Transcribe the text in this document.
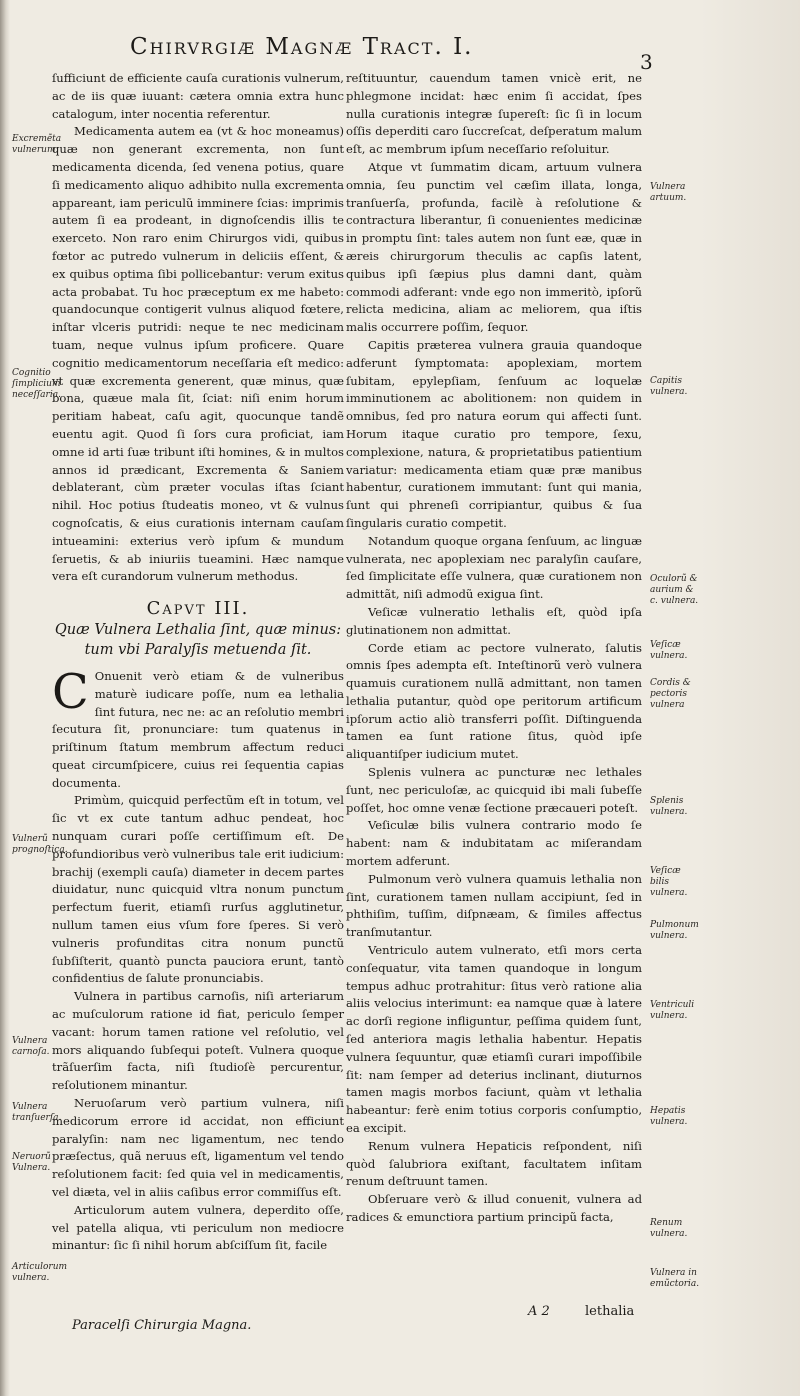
Chirvrgiæ Magnæ Tract. I.
3

ſufficiunt de efficiente cauſa curationis vulnerum, ac de iis quæ iuuant: cætera omnia extra hunc catalogum, inter nocentia referentur.

Medicamenta autem ea (vt & hoc moneamus) quæ non generant excrementa, non ſunt medicamenta dicenda, ſed venena potius, quare ſi medicamento aliquo adhibito nulla excrementa appareant, iam periculũ imminere ſcias: imprimis autem ſi ea prodeant, in dignoſcendis illis te exerceto. Non raro enim Chirurgos vidi, quibus fœtor ac putredo vulnerum in deliciis eſſent, & ex quibus optima ſibi pollicebantur: verum exitus acta probabat. Tu hoc præceptum ex me habeto: quandocunque contigerit vulnus aliquod fœtere, inſtar vlceris putridi: neque te nec medicinam tuam, neque vulnus ipſum proficere. Quare cognitio medicamentorum neceſſaria eſt medico: vt quæ excrementa generent, quæ minus, quæ bona, quæue mala ſit, ſciat: niſi enim horum peritiam habeat, caſu agit, quocunque tandẽ euentu agit. Quod ſi ſors cura proficiat, iam omne id arti ſuæ tribunt iſti homines, & in multos annos id prædicant, Excrementa & Saniem deblaterant, cùm præter voculas iſtas ſciant nihil. Hoc potius ſtudeatis moneo, vt & vulnus cognoſcatis, & eius curationis internam cauſam intueamini: exterius verò ipſum & mundum ſeruetis, & ab iniuriis tueamini. Hæc namque vera eſt curandorum vulnerum methodus.

Capvt III.
Quæ Vulnera Lethalia ſint, quæ minus: tum vbi Paralyſis metuenda ſit.

C Onuenit verò etiam & de vulneribus maturè iudicare poſſe, num ea lethalia ſint futura, nec ne: ac an reſolutio membri ſecutura ſit, pronunciare: tum quatenus in priſtinum ſtatum membrum affectum reduci queat circumſpicere, cuius rei ſequentia capias documenta.

Primùm, quicquid perfectũm eſt in totum, vel ſic vt ex cute tantum adhuc pendeat, hoc nunquam curari poſſe certiſſimum eſt. De profundioribus verò vulneribus tale erit iudicium: brachij (exempli cauſa) diameter in decem partes diuidatur, nunc quicquid vltra nonum punctum perfectum fuerit, etiamſi rurſus agglutinetur, nullum tamen eius vſum fore ſperes. Si verò vulneris profunditas citra nonum punctũ ſubſiſterit, quantò puncta pauciora erunt, tantò confidentius de ſalute pronunciabis.

Vulnera in partibus carnoſis, niſi arteriarum ac muſculorum ratione id fiat, periculo ſemper vacant: horum tamen ratione vel reſolutio, vel mors aliquando ſubſequi poteſt. Vulnera quoque trãſuerſim facta, niſi ſtudioſè percurentur, reſolutionem minantur.

Neruoſarum verò partium vulnera, niſi medicorum errore id accidat, non efficiunt paralyſin: nam nec ligamentum, nec tendo præſectus, quã neruus eſt, ligamentum vel tendo reſolutionem facit: ſed quia vel in medicamentis, vel diæta, vel in aliis caſibus error commiſſus eſt.

Articulorum autem vulnera, deperdito oſſe, vel patella aliqua, vti periculum non mediocre minantur: ſic ſi nihil horum abſciſſum ſit, facile

reſtituuntur, cauendum tamen vnicè erit, ne phlegmone incidat: hæc enim ſi accidat, ſpes nulla curationis integræ ſupereſt: ſic ſi in locum oſſis deperditi caro ſuccreſcat, deſperatum malum eſt, ac membrum ipſum neceſſario reſoluitur.

Atque vt ſummatim dicam, artuum vulnera omnia, ſeu punctim vel cæſim illata, longa, tranſuerſa, profunda, facilè à reſolutione & contractura liberantur, ſi conuenientes medicinæ in promptu ſint: tales autem non ſunt eæ, quæ in æreis chirurgorum theculis ac capſis latent, quibus ipſi ſæpius plus damni dant, quàm commodi adferant: vnde ego non immeritò, ipſorũ relicta medicina, aliam ac meliorem, qua iſtis malis occurrere poſſim, ſequor.

Capitis præterea vulnera grauia quandoque adferunt ſymptomata: apoplexiam, mortem ſubitam, epylepſiam, ſenſuum ac loquelæ imminutionem ac abolitionem: non quidem in omnibus, ſed pro natura eorum qui affecti ſunt. Horum itaque curatio pro tempore, ſexu, complexione, natura, & proprietatibus patientium variatur: medicamenta etiam quæ præ manibus habentur, curationem immutant: ſunt qui mania, ſunt qui phreneſi corripiantur, quibus & ſua ſingularis curatio competit.

Notandum quoque organa ſenſuum, ac linguæ vulnerata, nec apoplexiam nec paralyſin cauſare, ſed ſimplicitate eſſe vulnera, quæ curationem non admittãt, niſi admodũ exigua ſint.

Veſicæ vulneratio lethalis eſt, quòd ipſa glutinationem non admittat.

Corde etiam ac pectore vulnerato, ſalutis omnis ſpes adempta eſt. Inteſtinorũ verò vulnera quamuis curationem nullã admittant, non tamen lethalia putantur, quòd ope peritorum artificum ipſorum actio aliò transferri poſſit. Diſtinguenda tamen ea ſunt ratione ſitus, quòd ipſe aliquantiſper iudicium mutet.

Splenis vulnera ac puncturæ nec lethales ſunt, nec periculoſæ, ac quicquid ibi mali ſubeſſe poſſet, hoc omne venæ ſectione præcaueri poteſt.

Veſiculæ bilis vulnera contrario modo ſe habent: nam & indubitatam ac miſerandam mortem adferunt.

Pulmonum verò vulnera quamuis lethalia non ſint, curationem tamen nullam accipiunt, ſed in phthiſim, tuſſim, diſpnæam, & ſimiles affectus tranſmutantur.

Ventriculo autem vulnerato, etſi mors certa conſequatur, vita tamen quandoque in longum tempus adhuc protrahitur: ſitus verò ratione alia aliis velocius interimunt: ea namque quæ à latere ac dorſi regione infliguntur, peſſima quidem ſunt, ſed anteriora magis lethalia habentur. Hepatis vulnera ſequuntur, quæ etiamſi curari impoſſibile ſit: nam ſemper ad deterius inclinant, diuturnos tamen magis morbos faciunt, quàm vt lethalia habeantur: ferè enim totius corporis conſumptio, ea excipit.

Renum vulnera Hepaticis reſpondent, niſi quòd ſalubriora exiſtant, facultatem inſitam renum deſtruunt tamen.

Obſeruare verò & illud conuenit, vulnera ad radices & emunctiora partium principũ facta,

Excremẽta vulnerum.
Cognitio ſimplicium neceſſaria.
Vulnerũ prognoſtica.
Vulnera carnoſa.
Vulnera tranſuerſa.
Neruorũ Vulnera.
Articulorum vulnera.
Vulnera artuum.
Capitis vulnera.
Oculorũ & aurium & c. vulnera.
Veſicæ vulnera.
Cordis & pectoris vulnera
Splenis vulnera.
Veſicæ bilis vulnera.
Pulmonum vulnera.
Ventriculi vulnera.
Hepatis vulnera.
Renum vulnera.
Vulnera in emũctoria.
Paracelſi Chirurgia Magna.
A 2	lethalia
